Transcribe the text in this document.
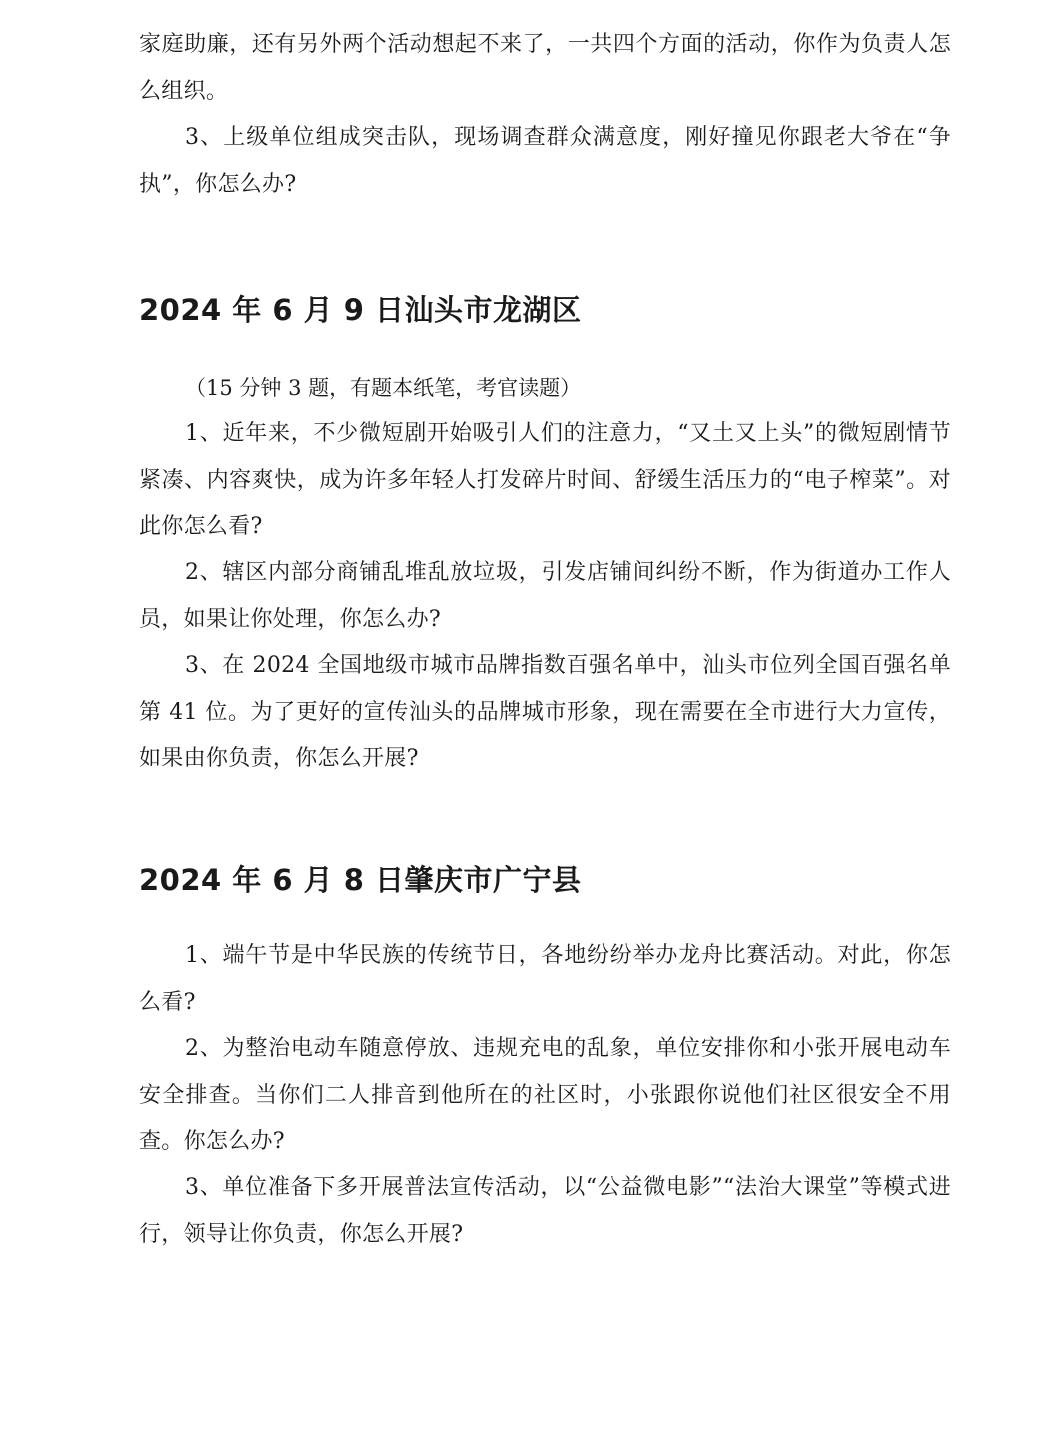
家庭助廉，还有另外两个活动想起不来了，一共四个方面的活动，你作为负责人怎么组织。

3、上级单位组成突击队，现场调查群众满意度，刚好撞见你跟老大爷在“争执”，你怎么办?

2024 年 6 月 9 日汕头市龙湖区

（15 分钟 3 题，有题本纸笔，考官读题）

1、近年来，不少微短剧开始吸引人们的注意力，“又土又上头”的微短剧情节紧凑、内容爽快，成为许多年轻人打发碎片时间、舒缓生活压力的“电子榨菜”。对此你怎么看?

2、辖区内部分商铺乱堆乱放垃圾，引发店铺间纠纷不断，作为街道办工作人员，如果让你处理，你怎么办?

3、在 2024 全国地级市城市品牌指数百强名单中，汕头市位列全国百强名单第 41 位。为了更好的宣传汕头的品牌城市形象，现在需要在全市进行大力宣传，如果由你负责，你怎么开展?

2024 年 6 月 8 日肇庆市广宁县

1、端午节是中华民族的传统节日，各地纷纷举办龙舟比赛活动。对此，你怎么看?

2、为整治电动车随意停放、违规充电的乱象，单位安排你和小张开展电动车安全排查。当你们二人排音到他所在的社区时，小张跟你说他们社区很安全不用查。你怎么办?

3、单位准备下多开展普法宣传活动，以“公益微电影”“法治大课堂”等模式进行，领导让你负责，你怎么开展?
